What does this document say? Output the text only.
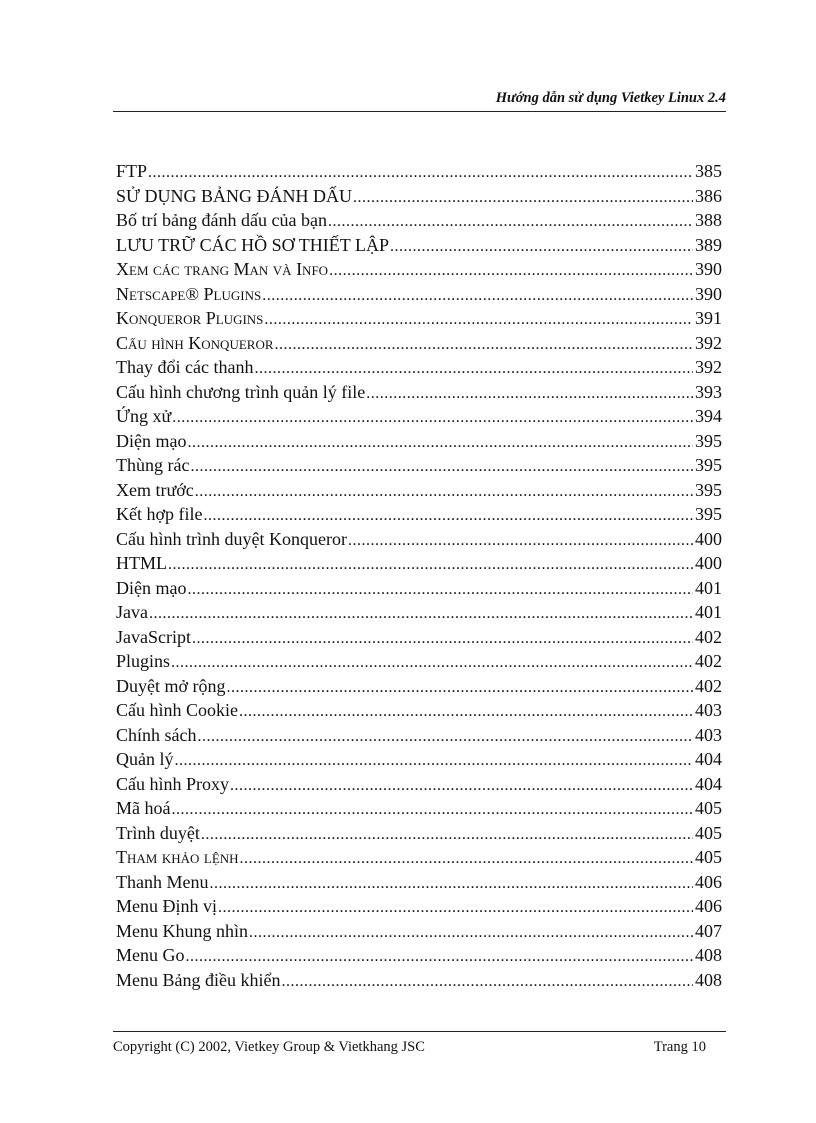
Hướng dẫn sử dụng Vietkey Linux 2.4
FTP .....	385
SỬ DỤNG BẢNG ĐÁNH DẤU .....	386
Bố trí bảng đánh dấu của bạn .....	388
LƯU TRỮ CÁC HỒ SƠ THIẾT LẬP .....	389
Xem các trang Man và Info .....	390
Netscape® Plugins .....	390
Konqueror Plugins .....	391
Cấu hình Konqueror .....	392
Thay đổi các thanh .....	392
Cấu hình chương trình quản lý file .....	393
Ứng xử .....	394
Diện mạo .....	395
Thùng rác .....	395
Xem trước .....	395
Kết hợp file .....	395
Cấu hình trình duyệt Konqueror .....	400
HTML .....	400
Diện mạo .....	401
Java .....	401
JavaScript .....	402
Plugins .....	402
Duyệt mở rộng .....	402
Cấu hình Cookie .....	403
Chính sách .....	403
Quản lý .....	404
Cấu hình Proxy .....	404
Mã hoá .....	405
Trình duyệt .....	405
Tham khảo lệnh .....	405
Thanh Menu .....	406
Menu Định vị .....	406
Menu Khung nhìn .....	407
Menu Go .....	408
Menu Bảng điều khiển .....	408
Copyright (C) 2002, Vietkey Group & Vietkhang JSC	Trang 10
